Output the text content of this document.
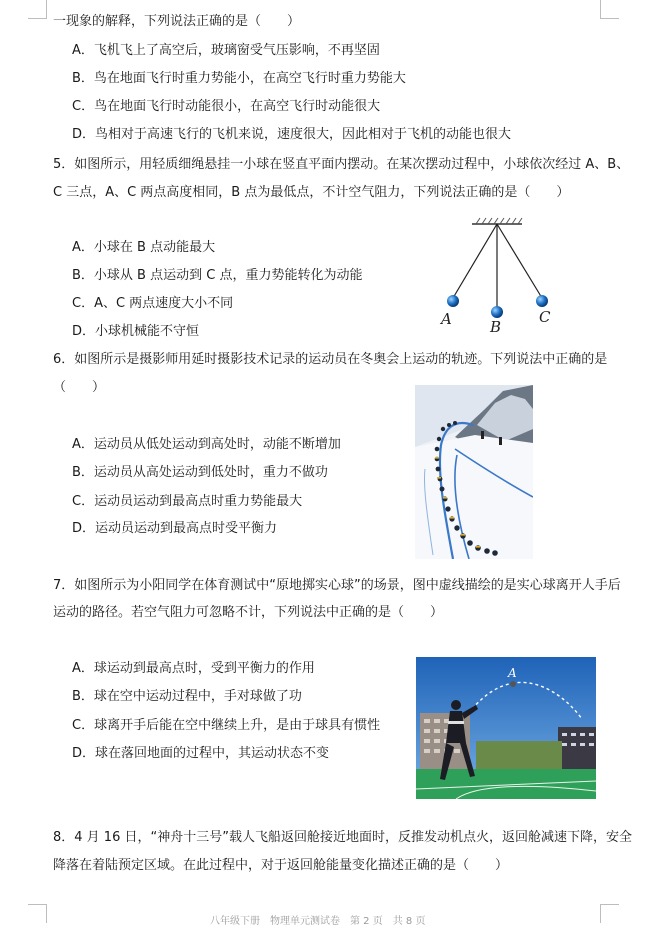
一现象的解释，下列说法正确的是（　　）
A．飞机飞上了高空后，玻璃窗受气压影响，不再坚固
B．鸟在地面飞行时重力势能小，在高空飞行时重力势能大
C．鸟在地面飞行时动能很小，在高空飞行时动能很大
D．鸟相对于高速飞行的飞机来说，速度很大，因此相对于飞机的动能也很大
5．如图所示，用轻质细绳悬挂一小球在竖直平面内摆动。在某次摆动过程中，小球依次经过 A、B、
C 三点，A、C 两点高度相同，B 点为最低点，不计空气阻力，下列说法正确的是（　　）
A．小球在 B 点动能最大
B．小球从 B 点运动到 C 点，重力势能转化为动能
C．A、C 两点速度大小不同
D．小球机械能不守恒
A	B
C
6．如图所示是摄影师用延时摄影技术记录的运动员在冬奥会上运动的轨迹。下列说法中正确的是
（　　）
A．运动员从低处运动到高处时，动能不断增加
B．运动员从高处运动到低处时，重力不做功
C．运动员运动到最高点时重力势能最大
D．运动员运动到最高点时受平衡力
7．如图所示为小阳同学在体育测试中“原地掷实心球”的场景，图中虚线描绘的是实心球离开人手后
运动的路径。若空气阻力可忽略不计，下列说法中正确的是（　　）
A．球运动到最高点时，受到平衡力的作用
B．球在空中运动过程中，手对球做了功
C．球离开手后能在空中继续上升，是由于球具有惯性
D．球在落回地面的过程中，其运动状态不变
A
8．4 月 16 日，“神舟十三号”载人飞船返回舱接近地面时，反推发动机点火，返回舱减速下降，安全
降落在着陆预定区域。在此过程中，对于返回舱能量变化描述正确的是（　　）
八年级下册　物理单元测试卷　第 2 页　共 8 页
